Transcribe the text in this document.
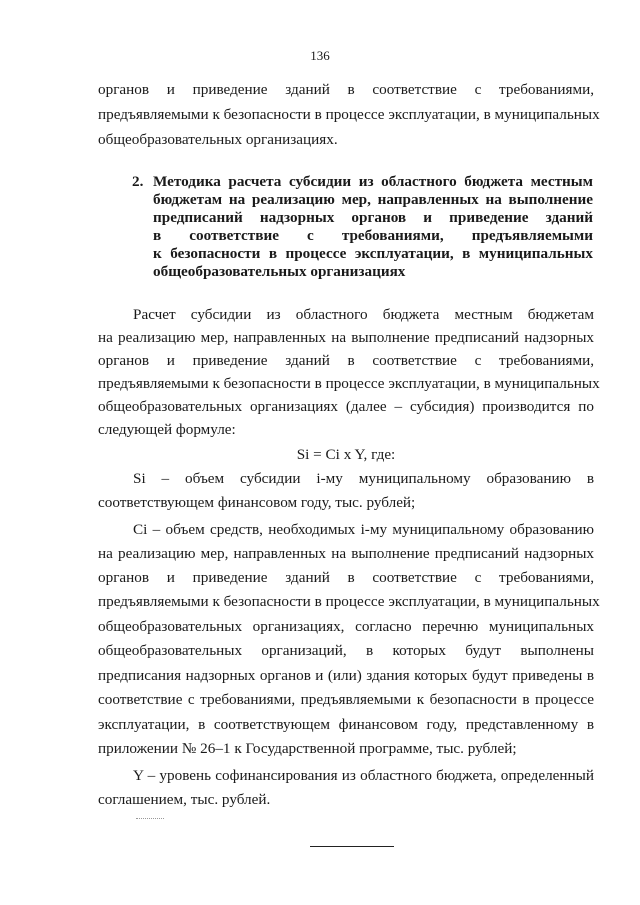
136
органов и приведение зданий в соответствие с требованиями,
предъявляемыми к безопасности в процессе эксплуатации, в муниципальных
общеобразовательных организациях.
2. Методика расчета субсидии из областного бюджета местным
бюджетам на реализацию мер, направленных на выполнение
предписаний надзорных органов и приведение зданий
в соответствие с требованиями, предъявляемыми
к безопасности в процессе эксплуатации, в муниципальных
общеобразовательных организациях
Расчет субсидии из областного бюджета местным бюджетам
на реализацию мер, направленных на выполнение предписаний надзорных
органов и приведение зданий в соответствие с требованиями,
предъявляемыми к безопасности в процессе эксплуатации, в муниципальных
общеобразовательных организациях (далее – субсидия) производится по
следующей формуле:
Si = Ci x Y, где:
Si – объем субсидии i-му муниципальному образованию в
соответствующем финансовом году, тыс. рублей;
Ci – объем средств, необходимых i-му муниципальному образованию
на реализацию мер, направленных на выполнение предписаний надзорных
органов и приведение зданий в соответствие с требованиями,
предъявляемыми к безопасности в процессе эксплуатации, в муниципальных
общеобразовательных организациях, согласно перечню муниципальных
общеобразовательных организаций, в которых будут выполнены
предписания надзорных органов и (или) здания которых будут приведены в
соответствие с требованиями, предъявляемыми к безопасности в процессе
эксплуатации, в соответствующем финансовом году, представленному в
приложении № 26–1 к Государственной программе, тыс. рублей;
Y – уровень софинансирования из областного бюджета, определенный
соглашением, тыс. рублей.
